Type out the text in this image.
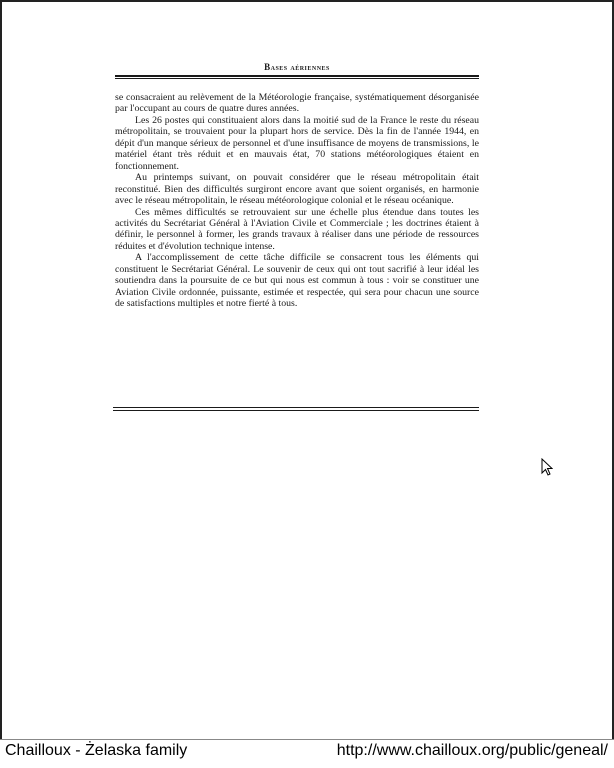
Bases aériennes

se consacraient au relèvement de la Météorologie française, systématiquement désorganisée par l'occupant au cours de quatre dures années.

Les 26 postes qui constituaient alors dans la moitié sud de la France le reste du réseau métropolitain, se trouvaient pour la plupart hors de service. Dès la fin de l'année 1944, en dépit d'un manque sérieux de personnel et d'une insuffisance de moyens de transmissions, le matériel étant très réduit et en mauvais état, 70 stations météorologiques étaient en fonctionnement.

Au printemps suivant, on pouvait considérer que le réseau métropolitain était reconstitué. Bien des difficultés surgiront encore avant que soient organisés, en harmonie avec le réseau métropolitain, le réseau météorologique colonial et le réseau océanique.

Ces mêmes difficultés se retrouvaient sur une échelle plus étendue dans toutes les activités du Secrétariat Général à l'Aviation Civile et Commerciale ; les doctrines étaient à définir, le personnel à former, les grands travaux à réaliser dans une période de ressources réduites et d'évolution technique intense.

A l'accomplissement de cette tâche difficile se consacrent tous les éléments qui constituent le Secrétariat Général. Le souvenir de ceux qui ont tout sacrifié à leur idéal les soutiendra dans la poursuite de ce but qui nous est commun à tous : voir se constituer une Aviation Civile ordonnée, puissante, estimée et respectée, qui sera pour chacun une source de satisfactions multiples et notre fierté à tous.

Chailloux - Żelaska family	http://www.chailloux.org/public/geneal/
